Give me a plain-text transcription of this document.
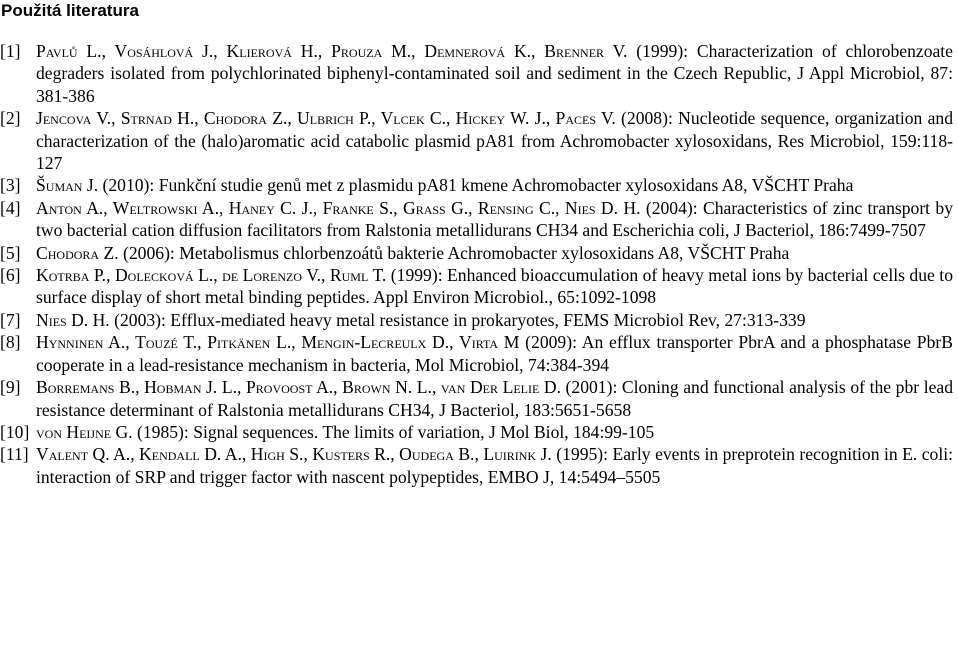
Použitá literatura
[1] Pavlů L., Vosáhlová J., Klierová H., Prouza M., Demnerová K., Brenner V. (1999): Characterization of chlorobenzoate degraders isolated from polychlorinated biphenyl-contaminated soil and sediment in the Czech Republic, J Appl Microbiol, 87: 381-386
[2] Jencova V., Strnad H., Chodora Z., Ulbrich P., Vlcek C., Hickey W. J., Paces V. (2008): Nucleotide sequence, organization and characterization of the (halo)aromatic acid catabolic plasmid pA81 from Achromobacter xylosoxidans, Res Microbiol, 159:118-127
[3] Šuman J. (2010): Funkční studie genů met z plasmidu pA81 kmene Achromobacter xylosoxidans A8, VŠCHT Praha
[4] Anton A., Weltrowski A., Haney C. J., Franke S., Grass G., Rensing C., Nies D. H. (2004): Characteristics of zinc transport by two bacterial cation diffusion facilitators from Ralstonia metallidurans CH34 and Escherichia coli, J Bacteriol, 186:7499-7507
[5] Chodora Z. (2006): Metabolismus chlorbenzoátů bakterie Achromobacter xylosoxidans A8, VŠCHT Praha
[6] Kotrba P., Dolecková L., de Lorenzo V., Ruml T. (1999): Enhanced bioaccumulation of heavy metal ions by bacterial cells due to surface display of short metal binding peptides. Appl Environ Microbiol., 65:1092-1098
[7] Nies D. H. (2003): Efflux-mediated heavy metal resistance in prokaryotes, FEMS Microbiol Rev, 27:313-339
[8] Hynninen A., Touzé T., Pitkänen L., Mengin-Lecreulx D., Virta M (2009): An efflux transporter PbrA and a phosphatase PbrB cooperate in a lead-resistance mechanism in bacteria, Mol Microbiol, 74:384-394
[9] Borremans B., Hobman J. L., Provoost A., Brown N. L., van Der Lelie D. (2001): Cloning and functional analysis of the pbr lead resistance determinant of Ralstonia metallidurans CH34, J Bacteriol, 183:5651-5658
[10] von Heijne G. (1985): Signal sequences. The limits of variation, J Mol Biol, 184:99-105
[11] Valent Q. A., Kendall D. A., High S., Kusters R., Oudega B., Luirink J. (1995): Early events in preprotein recognition in E. coli: interaction of SRP and trigger factor with nascent polypeptides, EMBO J, 14:5494–5505
